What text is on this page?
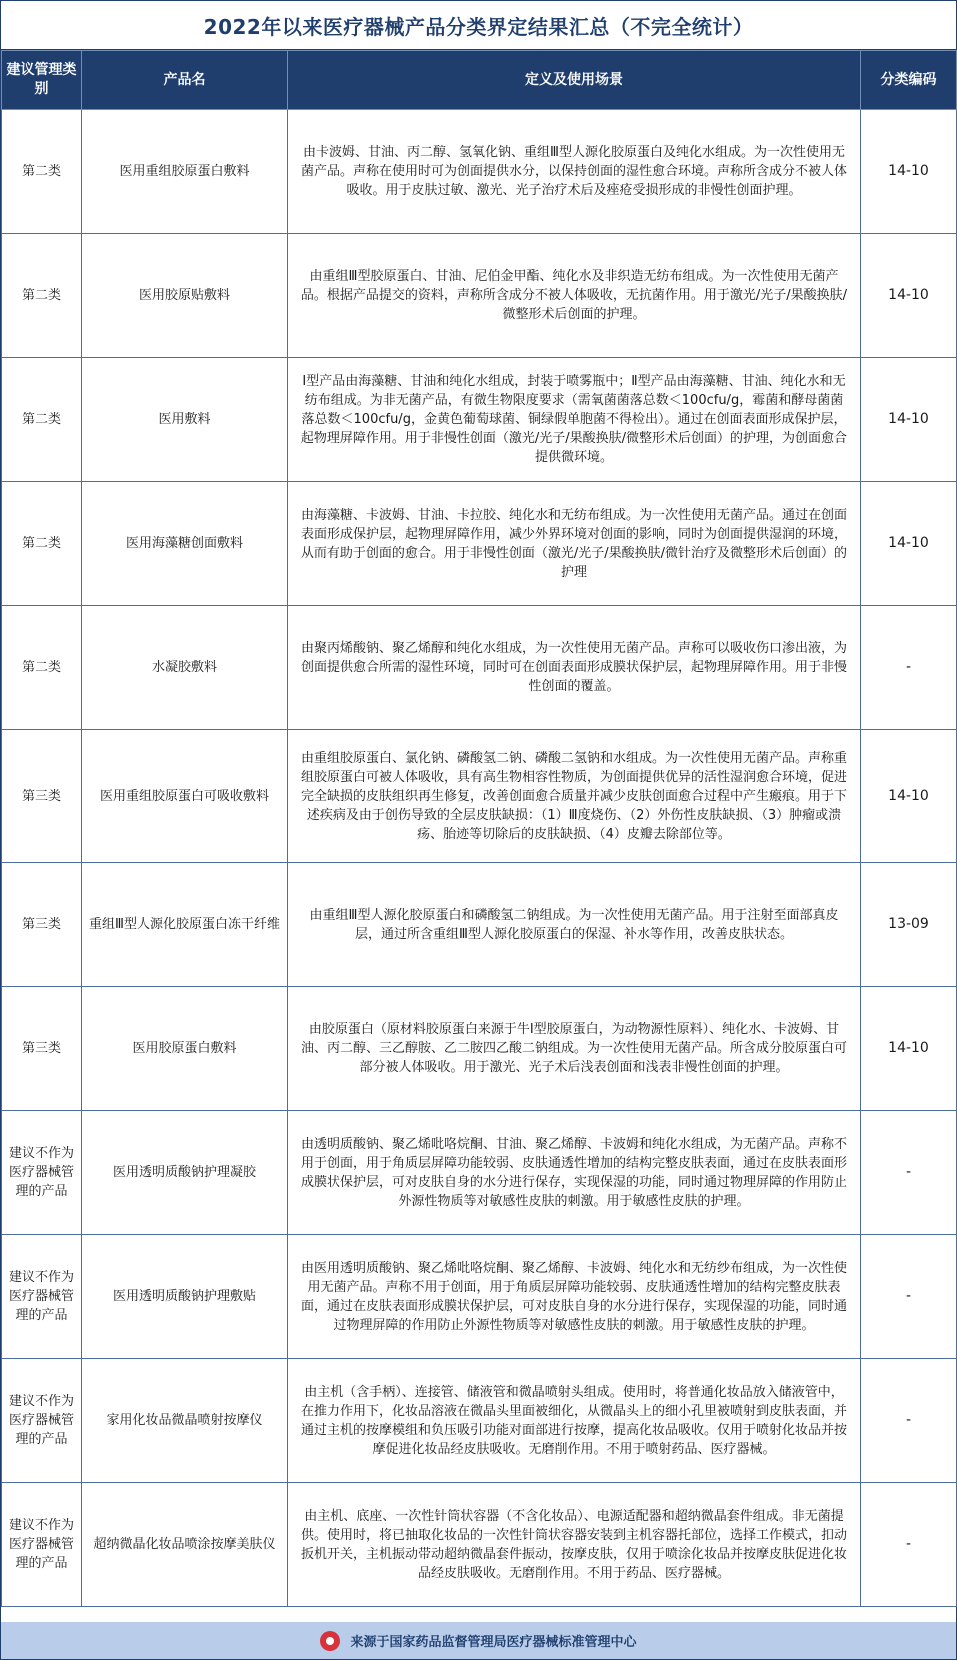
2022年以来医疗器械产品分类界定结果汇总（不完全统计）
建议管理类别	产品名	定义及使用场景	分类编码
第二类	医用重组胶原蛋白敷料	由卡波姆、甘油、丙二醇、氢氧化钠、重组Ⅲ型人源化胶原蛋白及纯化水组成。为一次性使用无菌产品。声称在使用时可为创面提供水分，以保持创面的湿性愈合环境。声称所含成分不被人体吸收。用于皮肤过敏、激光、光子治疗术后及痤疮受损形成的非慢性创面护理。	14-10
第二类	医用胶原贴敷料	由重组Ⅲ型胶原蛋白、甘油、尼伯金甲酯、纯化水及非织造无纺布组成。为一次性使用无菌产品。根据产品提交的资料，声称所含成分不被人体吸收，无抗菌作用。用于激光/光子/果酸换肤/微整形术后创面的护理。	14-10
第二类	医用敷料	Ⅰ型产品由海藻糖、甘油和纯化水组成，封装于喷雾瓶中；Ⅱ型产品由海藻糖、甘油、纯化水和无纺布组成。为非无菌产品，有微生物限度要求（需氧菌菌落总数＜100cfu/g，霉菌和酵母菌菌落总数＜100cfu/g，金黄色葡萄球菌、铜绿假单胞菌不得检出）。通过在创面表面形成保护层，起物理屏障作用。用于非慢性创面（激光/光子/果酸换肤/微整形术后创面）的护理，为创面愈合提供微环境。	14-10
第二类	医用海藻糖创面敷料	由海藻糖、卡波姆、甘油、卡拉胶、纯化水和无纺布组成。为一次性使用无菌产品。通过在创面表面形成保护层，起物理屏障作用，减少外界环境对创面的影响，同时为创面提供湿润的环境，从而有助于创面的愈合。用于非慢性创面（激光/光子/果酸换肤/微针治疗及微整形术后创面）的护理	14-10
第二类	水凝胶敷料	由聚丙烯酸钠、聚乙烯醇和纯化水组成，为一次性使用无菌产品。声称可以吸收伤口渗出液，为创面提供愈合所需的湿性环境，同时可在创面表面形成膜状保护层，起物理屏障作用。用于非慢性创面的覆盖。	-
第三类	医用重组胶原蛋白可吸收敷料	由重组胶原蛋白、氯化钠、磷酸氢二钠、磷酸二氢钠和水组成。为一次性使用无菌产品。声称重组胶原蛋白可被人体吸收，具有高生物相容性物质，为创面提供优异的活性湿润愈合环境，促进完全缺损的皮肤组织再生修复，改善创面愈合质量并减少皮肤创面愈合过程中产生瘢痕。用于下述疾病及由于创伤导致的全层皮肤缺损：（1）Ⅲ度烧伤、（2）外伤性皮肤缺损、（3）肿瘤或溃疡、胎迹等切除后的皮肤缺损、（4）皮瓣去除部位等。	14-10
第三类	重组Ⅲ型人源化胶原蛋白冻干纤维	由重组Ⅲ型人源化胶原蛋白和磷酸氢二钠组成。为一次性使用无菌产品。用于注射至面部真皮层，通过所含重组Ⅲ型人源化胶原蛋白的保湿、补水等作用，改善皮肤状态。	13-09
第三类	医用胶原蛋白敷料	由胶原蛋白（原材料胶原蛋白来源于牛Ⅰ型胶原蛋白，为动物源性原料）、纯化水、卡波姆、甘油、丙二醇、三乙醇胺、乙二胺四乙酸二钠组成。为一次性使用无菌产品。所含成分胶原蛋白可部分被人体吸收。用于激光、光子术后浅表创面和浅表非慢性创面的护理。	14-10
建议不作为医疗器械管理的产品	医用透明质酸钠护理凝胶	由透明质酸钠、聚乙烯吡咯烷酮、甘油、聚乙烯醇、卡波姆和纯化水组成，为无菌产品。声称不用于创面，用于角质层屏障功能较弱、皮肤通透性增加的结构完整皮肤表面，通过在皮肤表面形成膜状保护层，可对皮肤自身的水分进行保存，实现保湿的功能，同时通过物理屏障的作用防止外源性物质等对敏感性皮肤的刺激。用于敏感性皮肤的护理。	-
建议不作为医疗器械管理的产品	医用透明质酸钠护理敷贴	由医用透明质酸钠、聚乙烯吡咯烷酮、聚乙烯醇、卡波姆、纯化水和无纺纱布组成，为一次性使用无菌产品。声称不用于创面，用于角质层屏障功能较弱、皮肤通透性增加的结构完整皮肤表面，通过在皮肤表面形成膜状保护层，可对皮肤自身的水分进行保存，实现保湿的功能，同时通过物理屏障的作用防止外源性物质等对敏感性皮肤的刺激。用于敏感性皮肤的护理。	-
建议不作为医疗器械管理的产品	家用化妆品微晶喷射按摩仪	由主机（含手柄）、连接管、储液管和微晶喷射头组成。使用时，将普通化妆品放入储液管中，在推力作用下，化妆品溶液在微晶头里面被细化，从微晶头上的细小孔里被喷射到皮肤表面，并通过主机的按摩模组和负压吸引功能对面部进行按摩，提高化妆品吸收。仅用于喷射化妆品并按摩促进化妆品经皮肤吸收。无磨削作用。不用于喷射药品、医疗器械。	-
建议不作为医疗器械管理的产品	超纳微晶化妆品喷涂按摩美肤仪	由主机、底座、一次性针筒状容器（不含化妆品）、电源适配器和超纳微晶套件组成。非无菌提供。使用时，将已抽取化妆品的一次性针筒状容器安装到主机容器托部位，选择工作模式，扣动扳机开关，主机振动带动超纳微晶套件振动，按摩皮肤，仅用于喷涂化妆品并按摩皮肤促进化妆品经皮肤吸收。无磨削作用。不用于药品、医疗器械。	-
来源于国家药品监督管理局医疗器械标准管理中心
